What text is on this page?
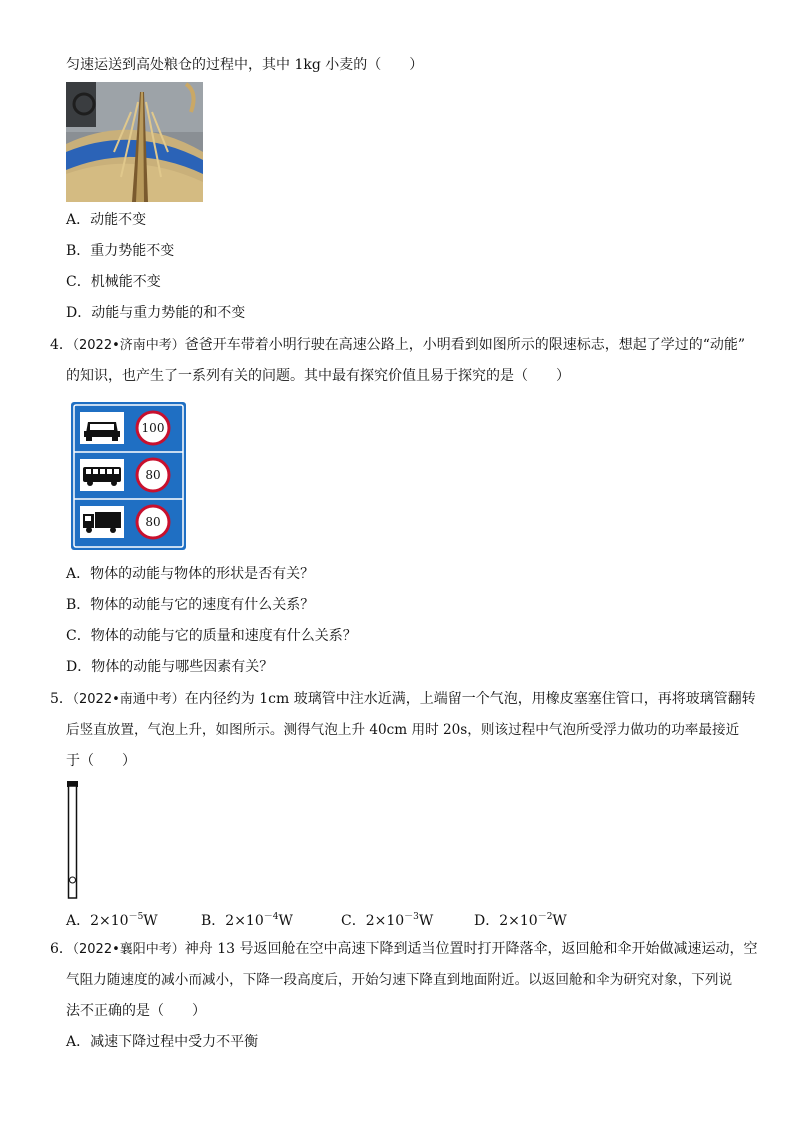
匀速运送到高处粮仓的过程中，其中 1kg 小麦的（　　）
A．动能不变
B．重力势能不变
C．机械能不变
D．动能与重力势能的和不变
4．
（2022•济南中考）爸爸开车带着小明行驶在高速公路上，小明看到如图所示的限速标志，想起了学过的“动能”
的知识，也产生了一系列有关的问题。其中最有探究价值且易于探究的是（　　）
100
80
80
A．物体的动能与物体的形状是否有关？
B．物体的动能与它的速度有什么关系？
C．物体的动能与它的质量和速度有什么关系？
D．物体的动能与哪些因素有关？
5．
（2022•南通中考）在内径约为 1cm 玻璃管中注水近满，上端留一个气泡，用橡皮塞塞住管口，再将玻璃管翻转
后竖直放置，气泡上升，如图所示。测得气泡上升 40cm 用时 20s，则该过程中气泡所受浮力做功的功率最接近
于（　　）
A．$2\times 10^{-5}W$	B．$2\times 10^{-4}W$	C．$2\times 10^{-3}W$	D．$2\times 10^{-2}W$
6．
（2022•襄阳中考）神舟 13 号返回舱在空中高速下降到适当位置时打开降落伞，返回舱和伞开始做减速运动，空
气阻力随速度的减小而减小，下降一段高度后，开始匀速下降直到地面附近。以返回舱和伞为研究对象，下列说
法不正确的是（　　）
A．减速下降过程中受力不平衡
